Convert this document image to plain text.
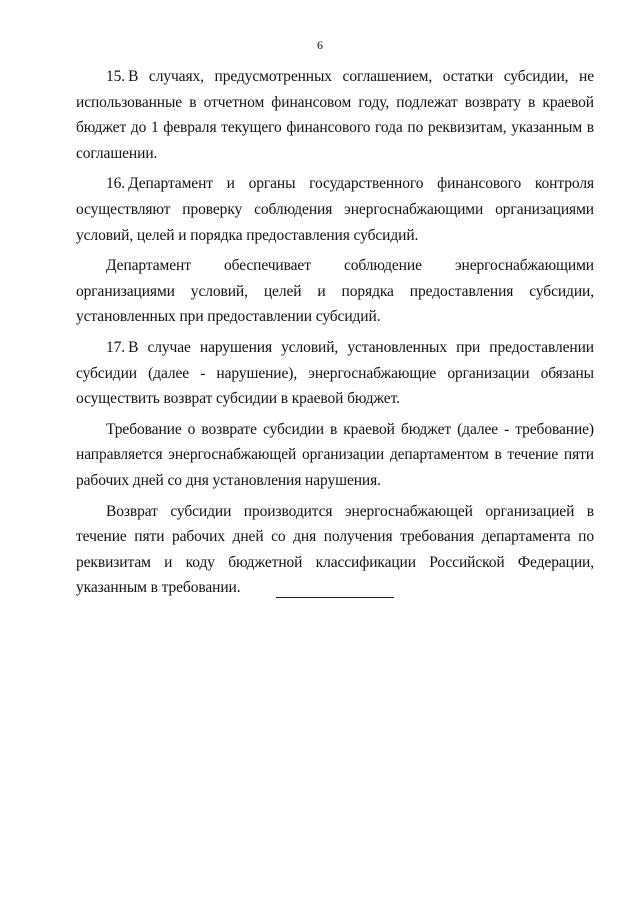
6

15. В случаях, предусмотренных соглашением, остатки субсидии, не использованные в отчетном финансовом году, подлежат возврату в краевой бюджет до 1 февраля текущего финансового года по реквизитам, указанным в соглашении.

16. Департамент и органы государственного финансового контроля осуществляют проверку соблюдения энергоснабжающими организациями условий, целей и порядка предоставления субсидий.

Департамент обеспечивает соблюдение энергоснабжающими организациями условий, целей и порядка предоставления субсидии, установленных при предоставлении субсидий.

17. В случае нарушения условий, установленных при предоставлении субсидии (далее - нарушение), энергоснабжающие организации обязаны осуществить возврат субсидии в краевой бюджет.

Требование о возврате субсидии в краевой бюджет (далее - требование) направляется энергоснабжающей организации департаментом в течение пяти рабочих дней со дня установления нарушения.

Возврат субсидии производится энергоснабжающей организацией в течение пяти рабочих дней со дня получения требования департамента по реквизитам и коду бюджетной классификации Российской Федерации, указанным в требовании.
